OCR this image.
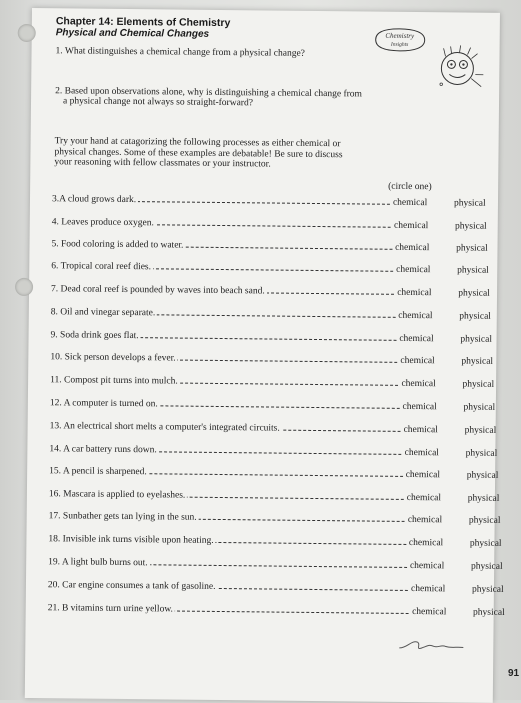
Chapter 14: Elements of Chemistry
Physical and Chemical Changes	Chemistry
Insights
1. What distinguishes a chemical change from a physical change?
2. Based upon observations alone, why is distinguishing a chemical change from
a physical change not always so straight-forward?
Try your hand at catagorizing the following processes as either chemical or
physical changes. Some of these examples are debatable! Be sure to discuss
your reasoning with fellow classmates or your instructor.
(circle one)
3.A cloud grows dark.	chemical	physical
4. Leaves produce oxygen.	chemical	physical
5. Food coloring is added to water.	chemical	physical
6. Tropical coral reef dies.	chemical	physical
7. Dead coral reef is pounded by waves into beach sand.	chemical	physical
8. Oil and vinegar separate.	chemical	physical
9. Soda drink goes flat.	chemical	physical
10. Sick person develops a fever.	chemical	physical
11. Compost pit turns into mulch.	chemical	physical
12. A computer is turned on.	chemical	physical
13. An electrical short melts a computer's integrated circuits.	chemical	physical
14. A car battery runs down.	chemical	physical
15. A pencil is sharpened.	chemical	physical
16. Mascara is applied to eyelashes.	chemical	physical
17. Sunbather gets tan lying in the sun.	chemical	physical
18. Invisible ink turns visible upon heating.	chemical	physical
19. A light bulb burns out.	chemical	physical
20. Car engine consumes a tank of gasoline.	chemical	physical
21. B vitamins turn urine yellow.	chemical	physical
91
